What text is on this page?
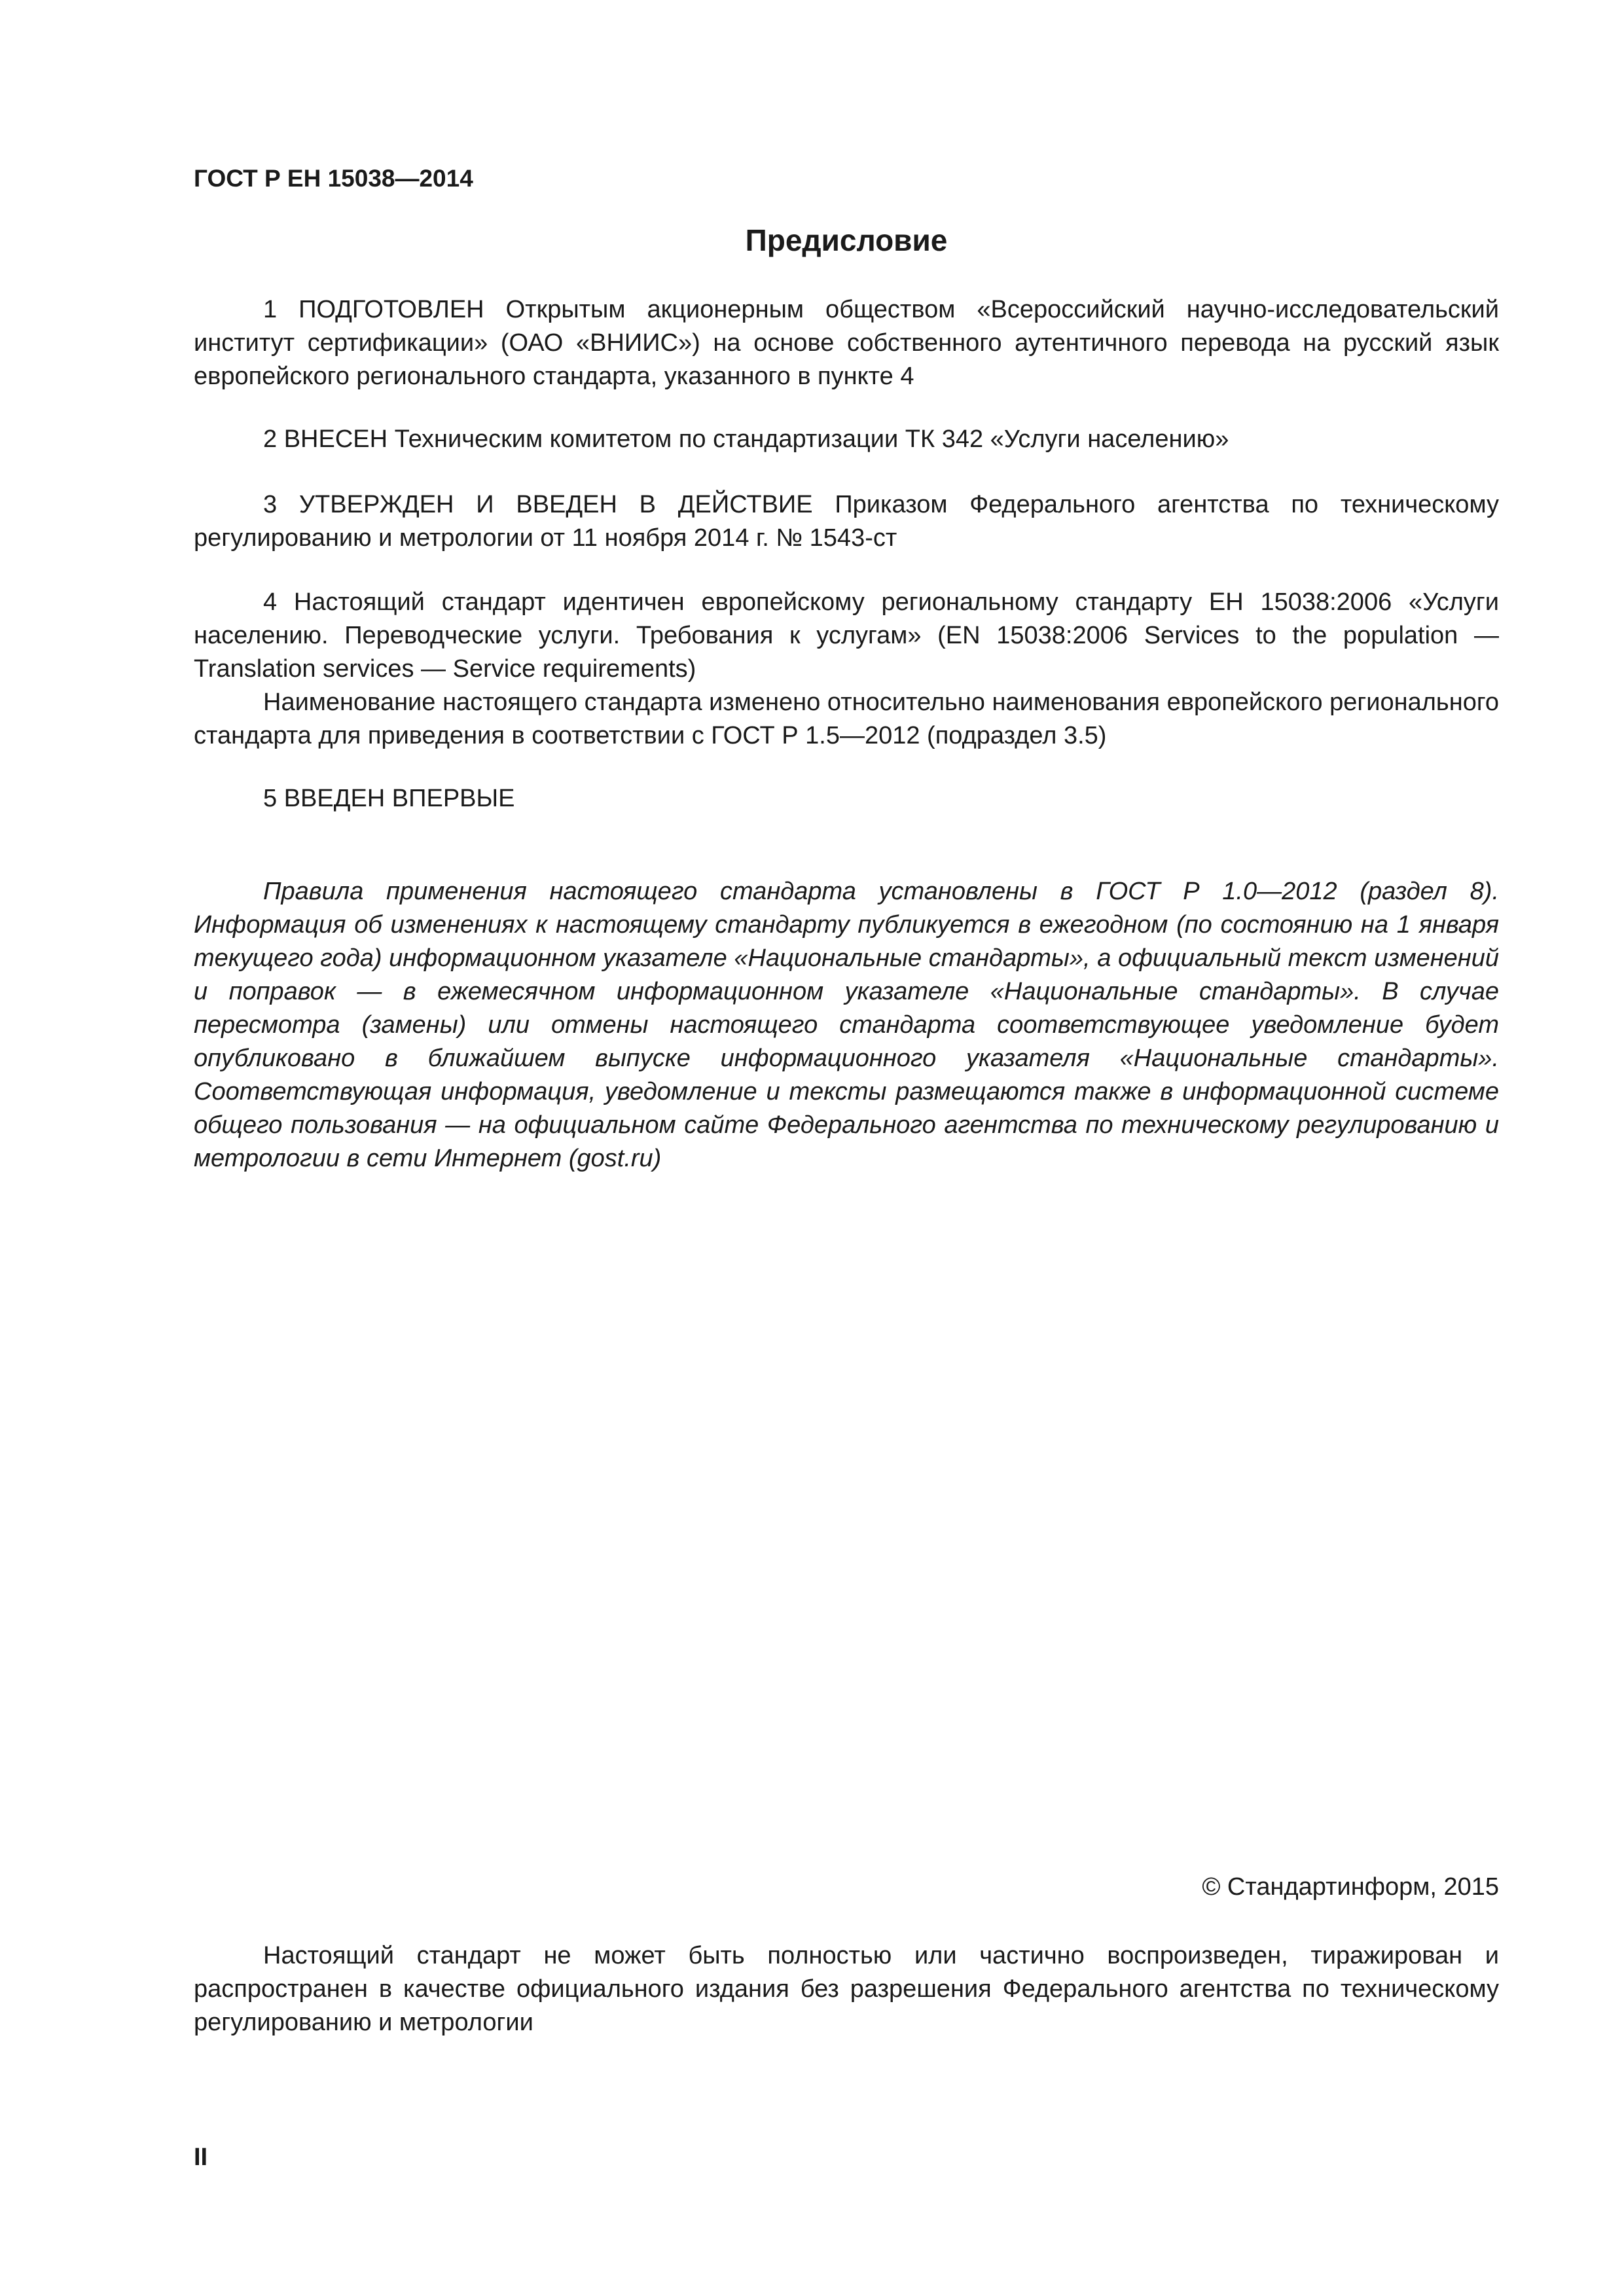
ГОСТ Р ЕН 15038—2014
Предисловие

1 ПОДГОТОВЛЕН Открытым акционерным обществом «Всероссийский научно-исследовательский институт сертификации» (ОАО «ВНИИС») на основе собственного аутентичного перевода на русский язык европейского регионального стандарта, указанного в пункте 4

2 ВНЕСЕН Техническим комитетом по стандартизации ТК 342 «Услуги населению»

3 УТВЕРЖДЕН И ВВЕДЕН В ДЕЙСТВИЕ Приказом Федерального агентства по техническому регулированию и метрологии от 11 ноября 2014 г. № 1543-ст

4 Настоящий стандарт идентичен европейскому региональному стандарту ЕН 15038:2006 «Услуги населению. Переводческие услуги. Требования к услугам» (EN 15038:2006 Services to the population — Translation services — Service requirements)

Наименование настоящего стандарта изменено относительно наименования европейского регионального стандарта для приведения в соответствии с ГОСТ Р 1.5—2012 (подраздел 3.5)

5 ВВЕДЕН ВПЕРВЫЕ

Правила применения настоящего стандарта установлены в ГОСТ Р 1.0—2012 (раздел 8). Информация об изменениях к настоящему стандарту публикуется в ежегодном (по состоянию на 1 января текущего года) информационном указателе «Национальные стандарты», а официальный текст изменений и поправок — в ежемесячном информационном указателе «Национальные стандарты». В случае пересмотра (замены) или отмены настоящего стандарта соответствующее уведомление будет опубликовано в ближайшем выпуске информационного указателя «Национальные стандарты». Соответствующая информация, уведомление и тексты размещаются также в информационной системе общего пользования — на официальном сайте Федерального агентства по техническому регулированию и метрологии в сети Интернет (gost.ru)

© Стандартинформ, 2015

Настоящий стандарт не может быть полностью или частично воспроизведен, тиражирован и распространен в качестве официального издания без разрешения Федерального агентства по техническому регулированию и метрологии

II
